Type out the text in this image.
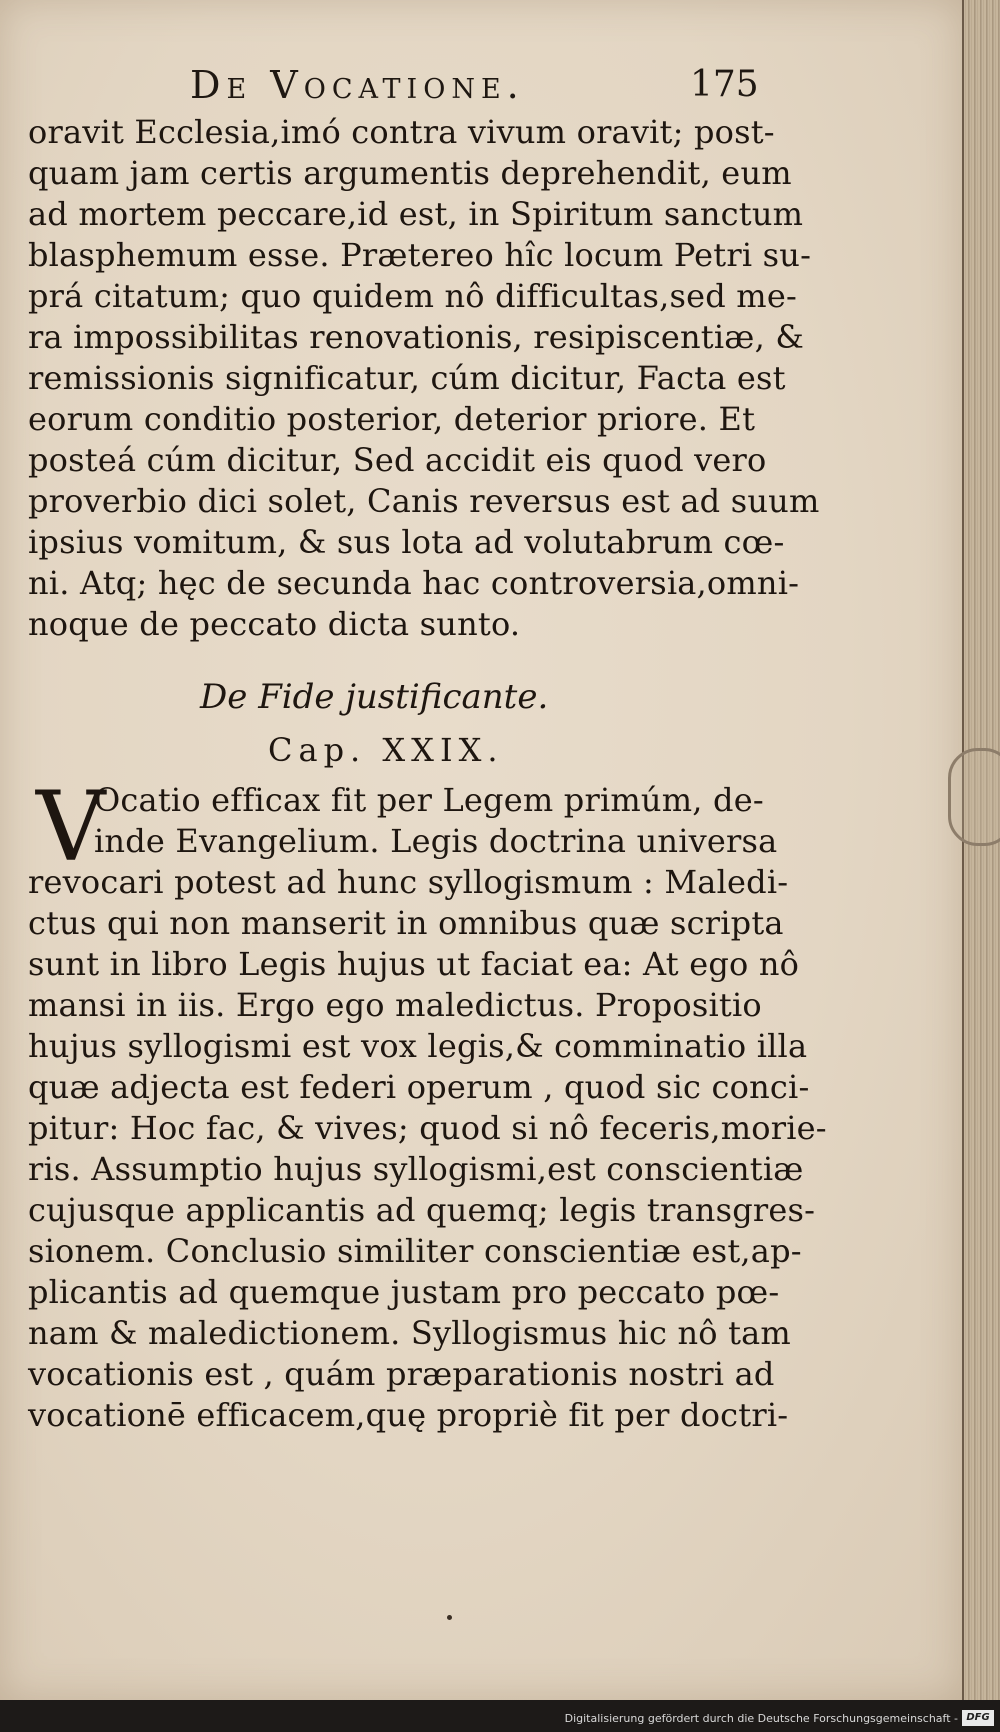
De Vocatione.	175
oravit Ecclesia,imó contra vivum oravit; post-
quam jam certis argumentis deprehendit, eum
ad mortem peccare,id est, in Spiritum sanctum
blasphemum esse. Prætereo hîc locum Petri su-
prá citatum; quo quidem nô difficultas,sed me-
ra impossibilitas renovationis, resipiscentiæ, &
remissionis significatur, cúm dicitur, Facta est
eorum conditio posterior, deterior priore. Et
posteá cúm dicitur, Sed accidit eis quod vero
proverbio dici solet, Canis reversus est ad suum
ipsius vomitum, & sus lota ad volutabrum cœ-
ni. Atq; hęc de secunda hac controversia,omni-
noque de peccato dicta sunto.
De Fide justificante.
Cap. XXIX.
V
Ocatio efficax fit per Legem primúm, de-
inde Evangelium. Legis doctrina universa
revocari potest ad hunc syllogismum : Maledi-
ctus qui non manserit in omnibus quæ scripta
sunt in libro Legis hujus ut faciat ea: At ego nô
mansi in iis. Ergo ego maledictus. Propositio
hujus syllogismi est vox legis,& comminatio illa
quæ adjecta est federi operum , quod sic conci-
pitur: Hoc fac, & vives; quod si nô feceris,morie-
ris. Assumptio hujus syllogismi,est conscientiæ
cujusque applicantis ad quemq; legis transgres-
sionem. Conclusio similiter conscientiæ est,ap-
plicantis ad quemque justam pro peccato pœ-
nam & maledictionem. Syllogismus hic nô tam
vocationis est , quám præparationis nostri ad
vocationē efficacem,quę propriè fit per doctri-
Digitalisierung gefördert durch die Deutsche Forschungsgemeinschaft - DFG
